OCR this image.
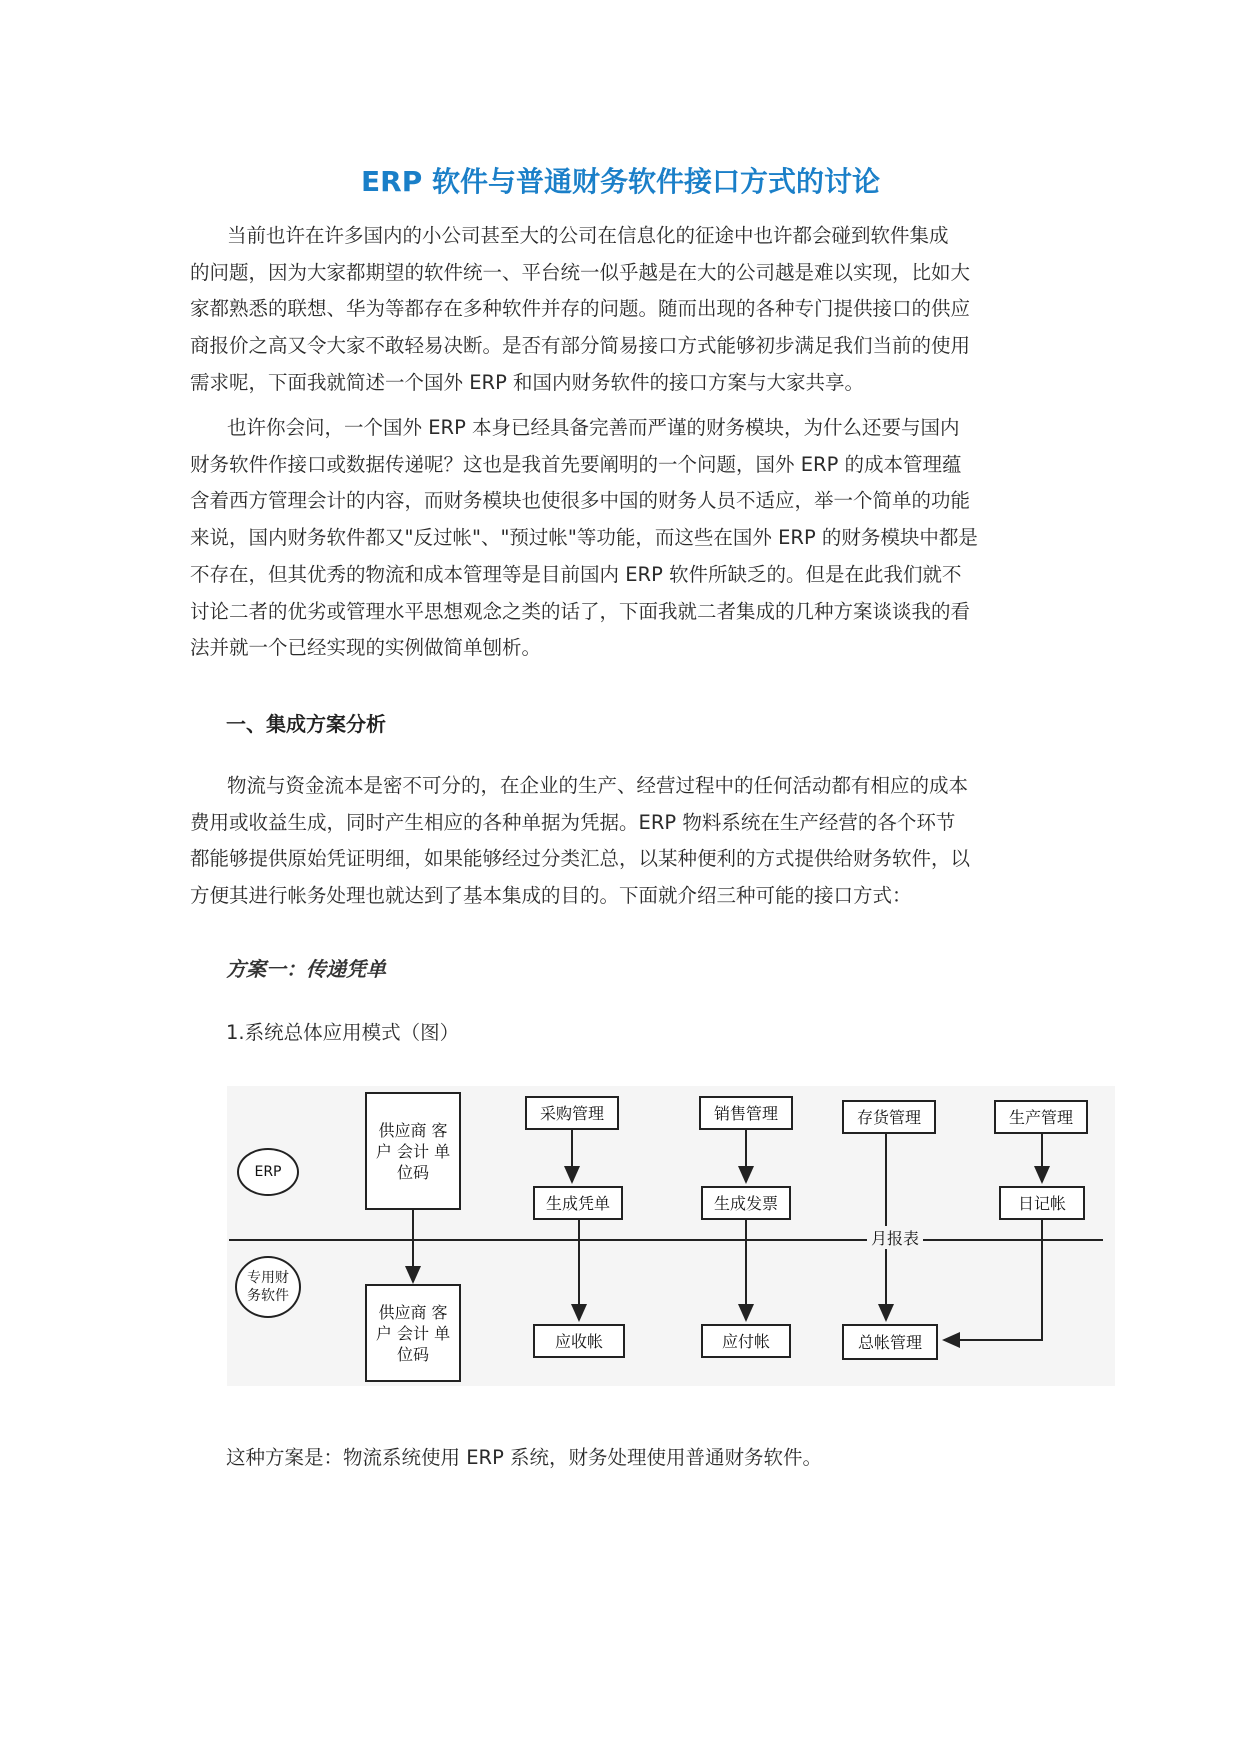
ERP 软件与普通财务软件接口方式的讨论
当前也许在许多国内的小公司甚至大的公司在信息化的征途中也许都会碰到软件集成
的问题，因为大家都期望的软件统一、平台统一似乎越是在大的公司越是难以实现，比如大
家都熟悉的联想、华为等都存在多种软件并存的问题。随而出现的各种专门提供接口的供应
商报价之高又令大家不敢轻易决断。是否有部分简易接口方式能够初步满足我们当前的使用
需求呢，下面我就简述一个国外 ERP 和国内财务软件的接口方案与大家共享。
也许你会问，一个国外 ERP 本身已经具备完善而严谨的财务模块，为什么还要与国内
财务软件作接口或数据传递呢？这也是我首先要阐明的一个问题，国外 ERP 的成本管理蕴
含着西方管理会计的内容，而财务模块也使很多中国的财务人员不适应，举一个简单的功能
来说，国内财务软件都又"反过帐"、"预过帐"等功能，而这些在国外 ERP 的财务模块中都是
不存在，但其优秀的物流和成本管理等是目前国内 ERP 软件所缺乏的。但是在此我们就不
讨论二者的优劣或管理水平思想观念之类的话了，下面我就二者集成的几种方案谈谈我的看
法并就一个已经实现的实例做简单刨析。
一、集成方案分析
物流与资金流本是密不可分的，在企业的生产、经营过程中的任何活动都有相应的成本
费用或收益生成，同时产生相应的各种单据为凭据。ERP 物料系统在生产经营的各个环节
都能够提供原始凭证明细，如果能够经过分类汇总，以某种便利的方式提供给财务软件，以
方便其进行帐务处理也就达到了基本集成的目的。下面就介绍三种可能的接口方式：
方案一：传递凭单
1.系统总体应用模式（图）
ERP
专用财务软件
供应商 客户 会计 单位码
供应商 客户 会计 单位码
采购管理	销售管理	存货管理	生产管理
生成凭单	生成发票	日记帐
月报表
应收帐	应付帐	总帐管理
这种方案是：物流系统使用 ERP 系统，财务处理使用普通财务软件。
